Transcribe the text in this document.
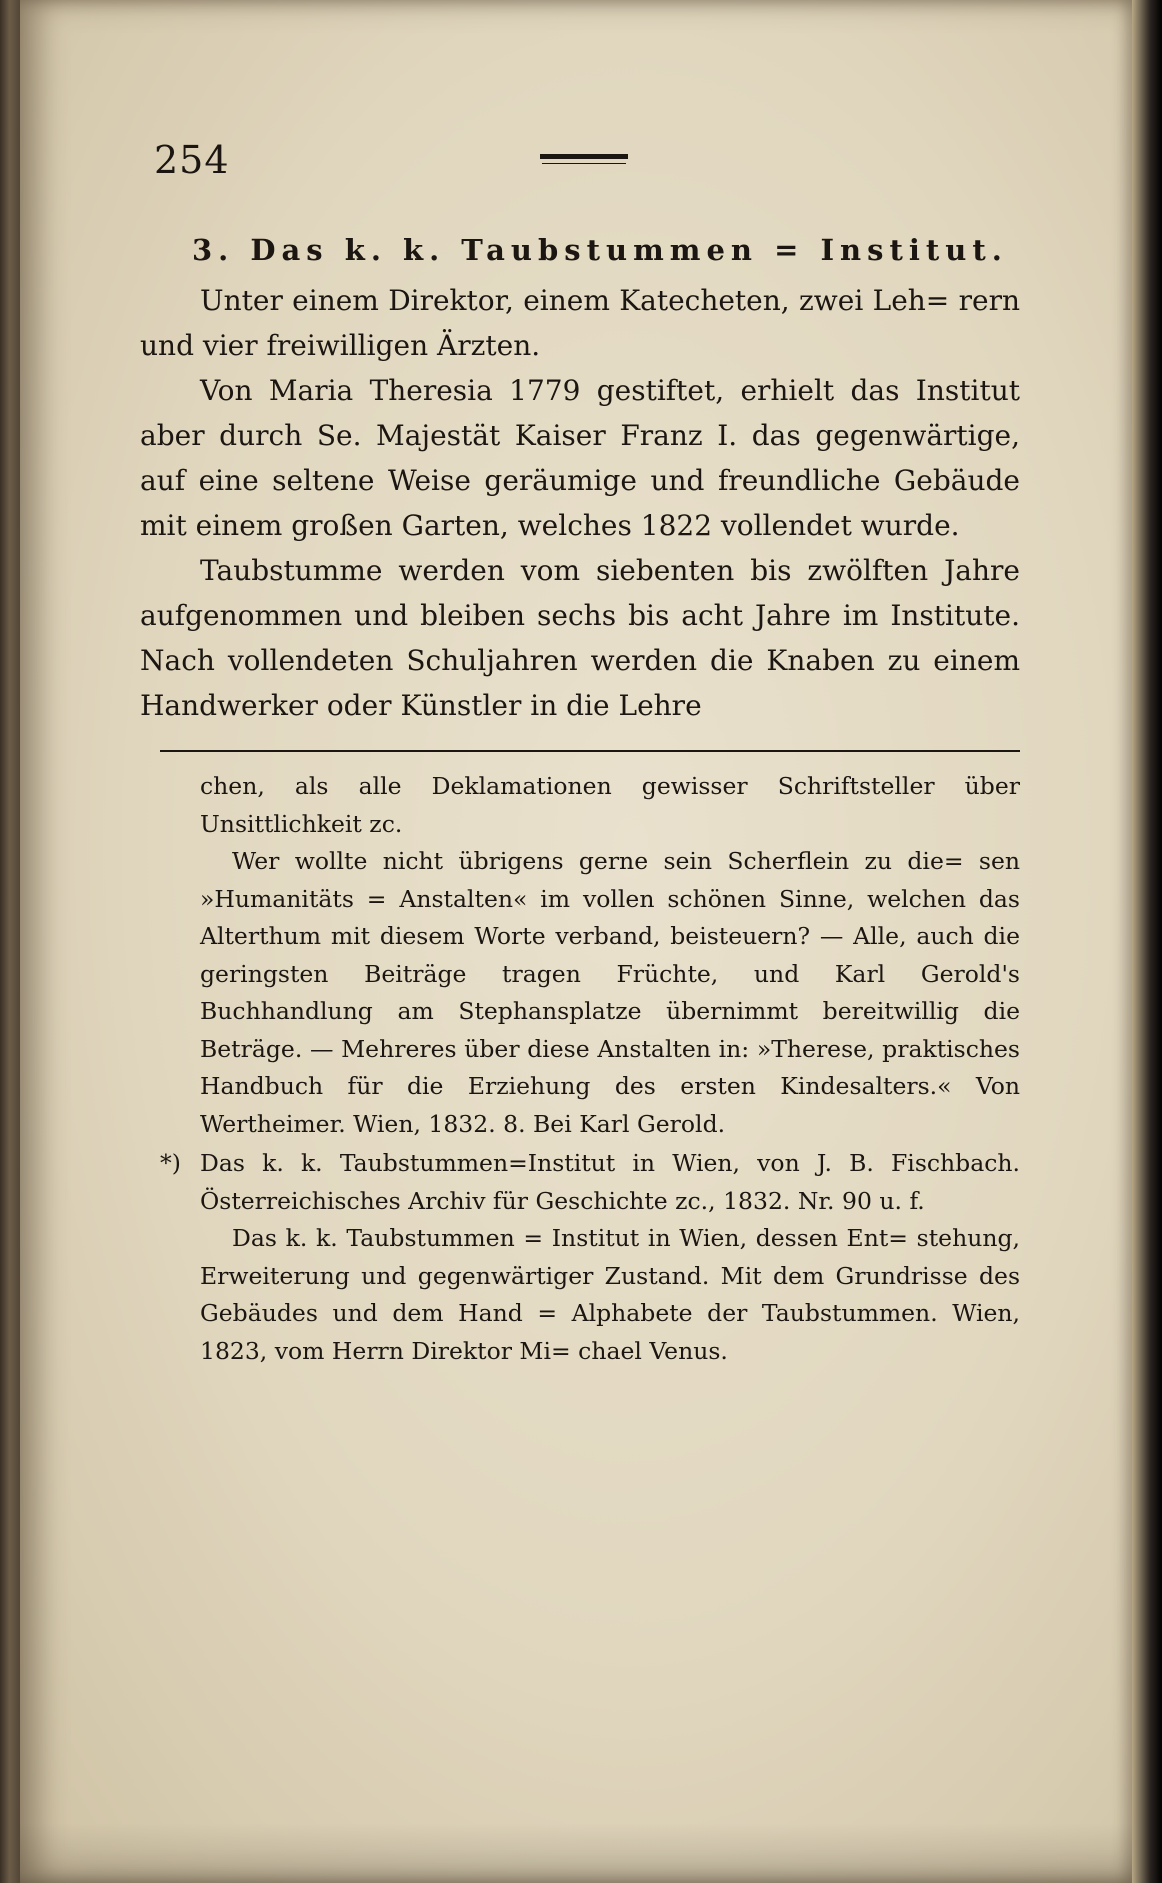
254
3. Das k. k. Taubstummen = Institut.

Unter einem Direktor, einem Katecheten, zwei Leh= rern und vier freiwilligen Ärzten.

Von Maria Theresia 1779 gestiftet, erhielt das Institut aber durch Se. Majestät Kaiser Franz I. das gegenwärtige, auf eine seltene Weise geräumige und freundliche Gebäude mit einem großen Garten, welches 1822 vollendet wurde.

Taubstumme werden vom siebenten bis zwölften Jahre aufgenommen und bleiben sechs bis acht Jahre im Institute. Nach vollendeten Schuljahren werden die Knaben zu einem Handwerker oder Künstler in die Lehre

chen, als alle Deklamationen gewisser Schriftsteller über Unsittlichkeit zc.

Wer wollte nicht übrigens gerne sein Scherflein zu die= sen »Humanitäts = Anstalten« im vollen schönen Sinne, welchen das Alterthum mit diesem Worte verband, beisteuern? — Alle, auch die geringsten Beiträge tragen Früchte, und Karl Gerold's Buchhandlung am Stephansplatze übernimmt bereitwillig die Beträge. — Mehreres über diese Anstalten in: »Therese, praktisches Handbuch für die Erziehung des ersten Kindesalters.« Von Wertheimer. Wien, 1832. 8. Bei Karl Gerold.

*) Das k. k. Taubstummen=Institut in Wien, von J. B. Fischbach. Österreichisches Archiv für Geschichte zc., 1832. Nr. 90 u. f.

Das k. k. Taubstummen = Institut in Wien, dessen Ent= stehung, Erweiterung und gegenwärtiger Zustand. Mit dem Grundrisse des Gebäudes und dem Hand = Alphabete der Taubstummen. Wien, 1823, vom Herrn Direktor Mi= chael Venus.
